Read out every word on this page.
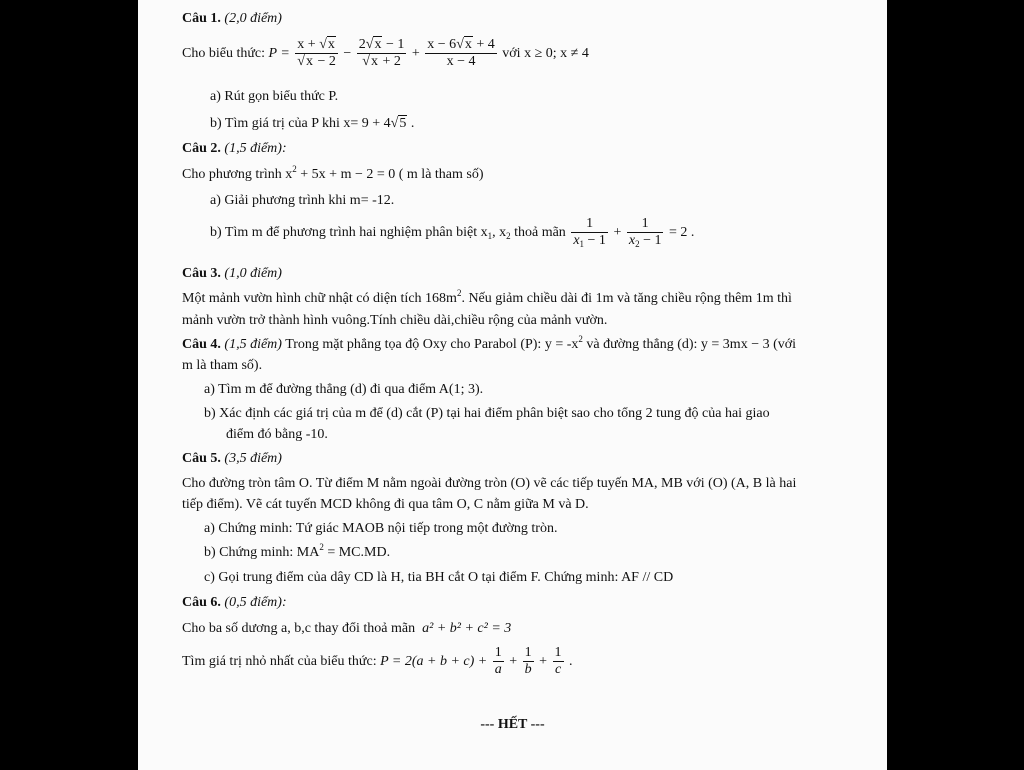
Câu 1. (2,0 điểm)
Cho biểu thức: $P = \frac{x + √x}{√x - 2} - \frac{2√x - 1}{√x + 2} + \frac{x - 6√x + 4}{x - 4}$ với x ≥ 0; x ≠ 4
a) Rút gọn biểu thức P.
b) Tìm giá trị của P khi x= 9 + 4√5 .
Câu 2. (1,5 điểm):
Cho phương trình $x^2 + 5x + m - 2 = 0$ ( m là tham số)
a) Giải phương trình khi m= -12.
b) Tìm m để phương trình hai nghiệm phân biệt $x_1$, $x_2$ thoả mãn $\frac{1}{x_1 - 1} + \frac{1}{x_2 - 1} = 2$ .
Câu 3. (1,0 điểm)
Một mảnh vườn hình chữ nhật có diện tích $168m^2$. Nếu giảm chiều dài đi 1m và tăng chiều rộng thêm 1m thì
mảnh vườn trở thành hình vuông.Tính chiều dài,chiều rộng của mảnh vườn.
Câu 4. (1,5 điểm) Trong mặt phẳng tọa độ Oxy cho Parabol (P): $y = -x^2$ và đường thẳng (d): y = 3mx − 3 (với
m là tham số).
a) Tìm m để đường thẳng (d) đi qua điểm A(1; 3).
b) Xác định các giá trị của m để (d) cắt (P) tại hai điểm phân biệt sao cho tổng 2 tung độ của hai giao
điểm đó bằng -10.
Câu 5. (3,5 điểm)
Cho đường tròn tâm O. Từ điểm M nằm ngoài đường tròn (O) vẽ các tiếp tuyến MA, MB với (O) (A, B là hai
tiếp điểm). Vẽ cát tuyến MCD không đi qua tâm O, C nằm giữa M và D.
a) Chứng minh: Tứ giác MAOB nội tiếp trong một đường tròn.
b) Chứng minh: $MA^2 = MC.MD$.
c) Gọi trung điểm của dây CD là H, tia BH cắt O tại điểm F. Chứng minh: AF // CD
Câu 6. (0,5 điểm):
Cho ba số dương a, b,c thay đổi thoả mãn a² + b² + c² = 3
Tìm giá trị nhỏ nhất của biểu thức: $P = 2(a + b + c) + \frac{1}{a} + \frac{1}{b} + \frac{1}{c}$ .
--- HẾT ---
